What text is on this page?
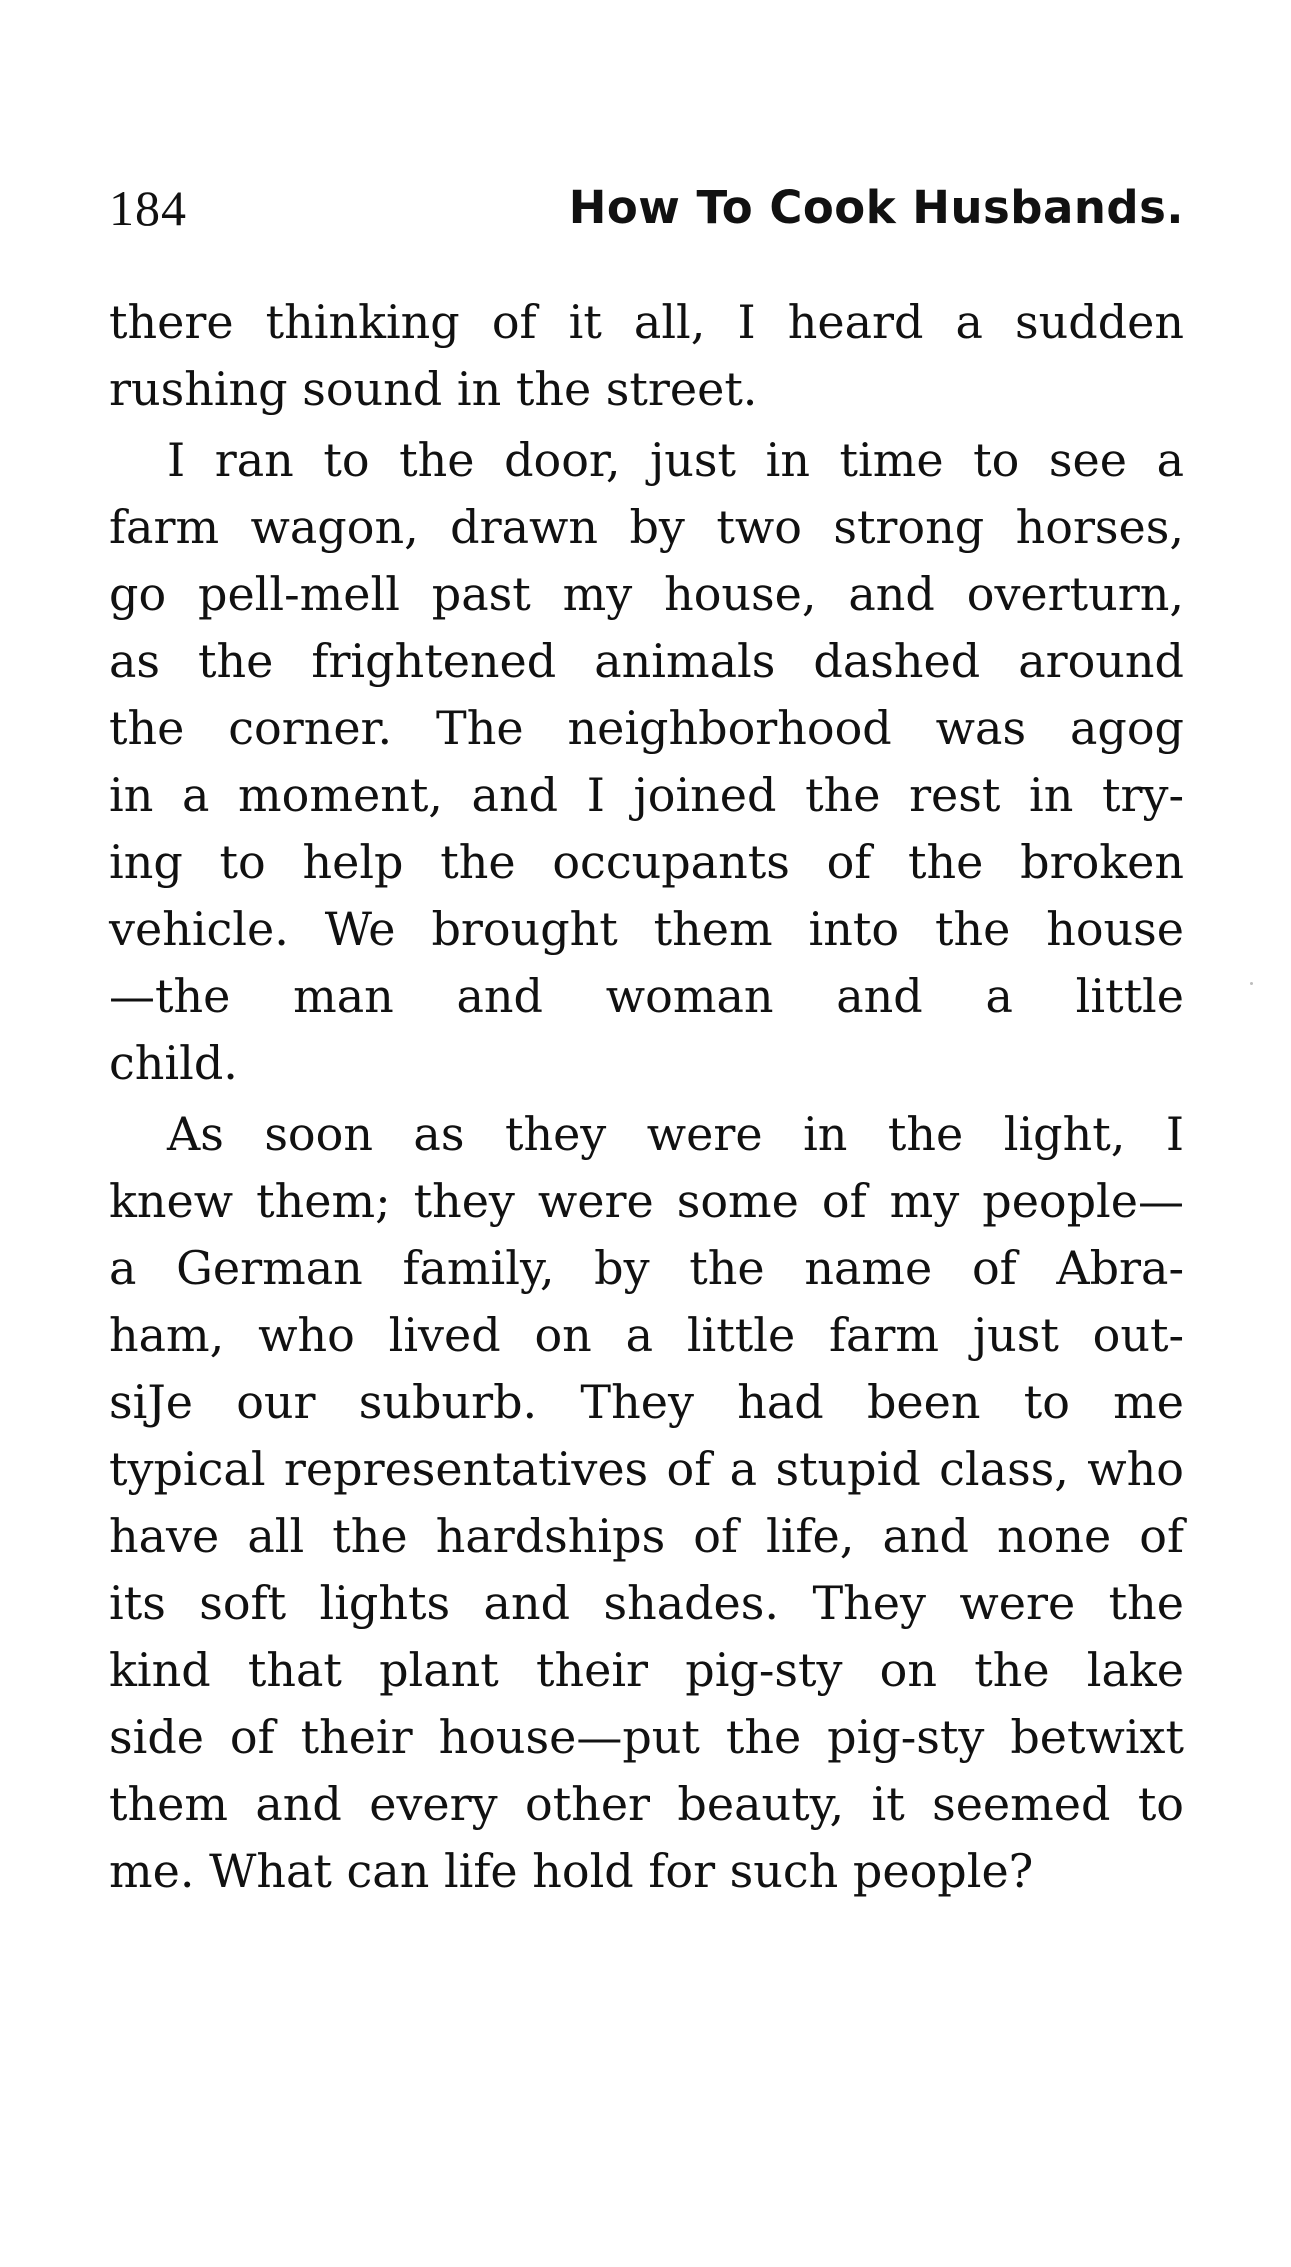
184	How To Cook Husbands.
there thinking of it all, I heard a sudden
rushing sound in the street.
I ran to the door, just in time to see a
farm wagon, drawn by two strong horses,
go pell-mell past my house, and overturn,
as the frightened animals dashed around
the corner. The neighborhood was agog
in a moment, and I joined the rest in try-
ing to help the occupants of the broken
vehicle. We brought them into the house
—the man and woman and a little
child.
As soon as they were in the light, I
knew them; they were some of my people—
a German family, by the name of Abra-
ham, who lived on a little farm just out-
siJe our suburb. They had been to me
typical representatives of a stupid class, who
have all the hardships of life, and none of
its soft lights and shades. They were the
kind that plant their pig-sty on the lake
side of their house—put the pig-sty betwixt
them and every other beauty, it seemed to
me. What can life hold for such people?
